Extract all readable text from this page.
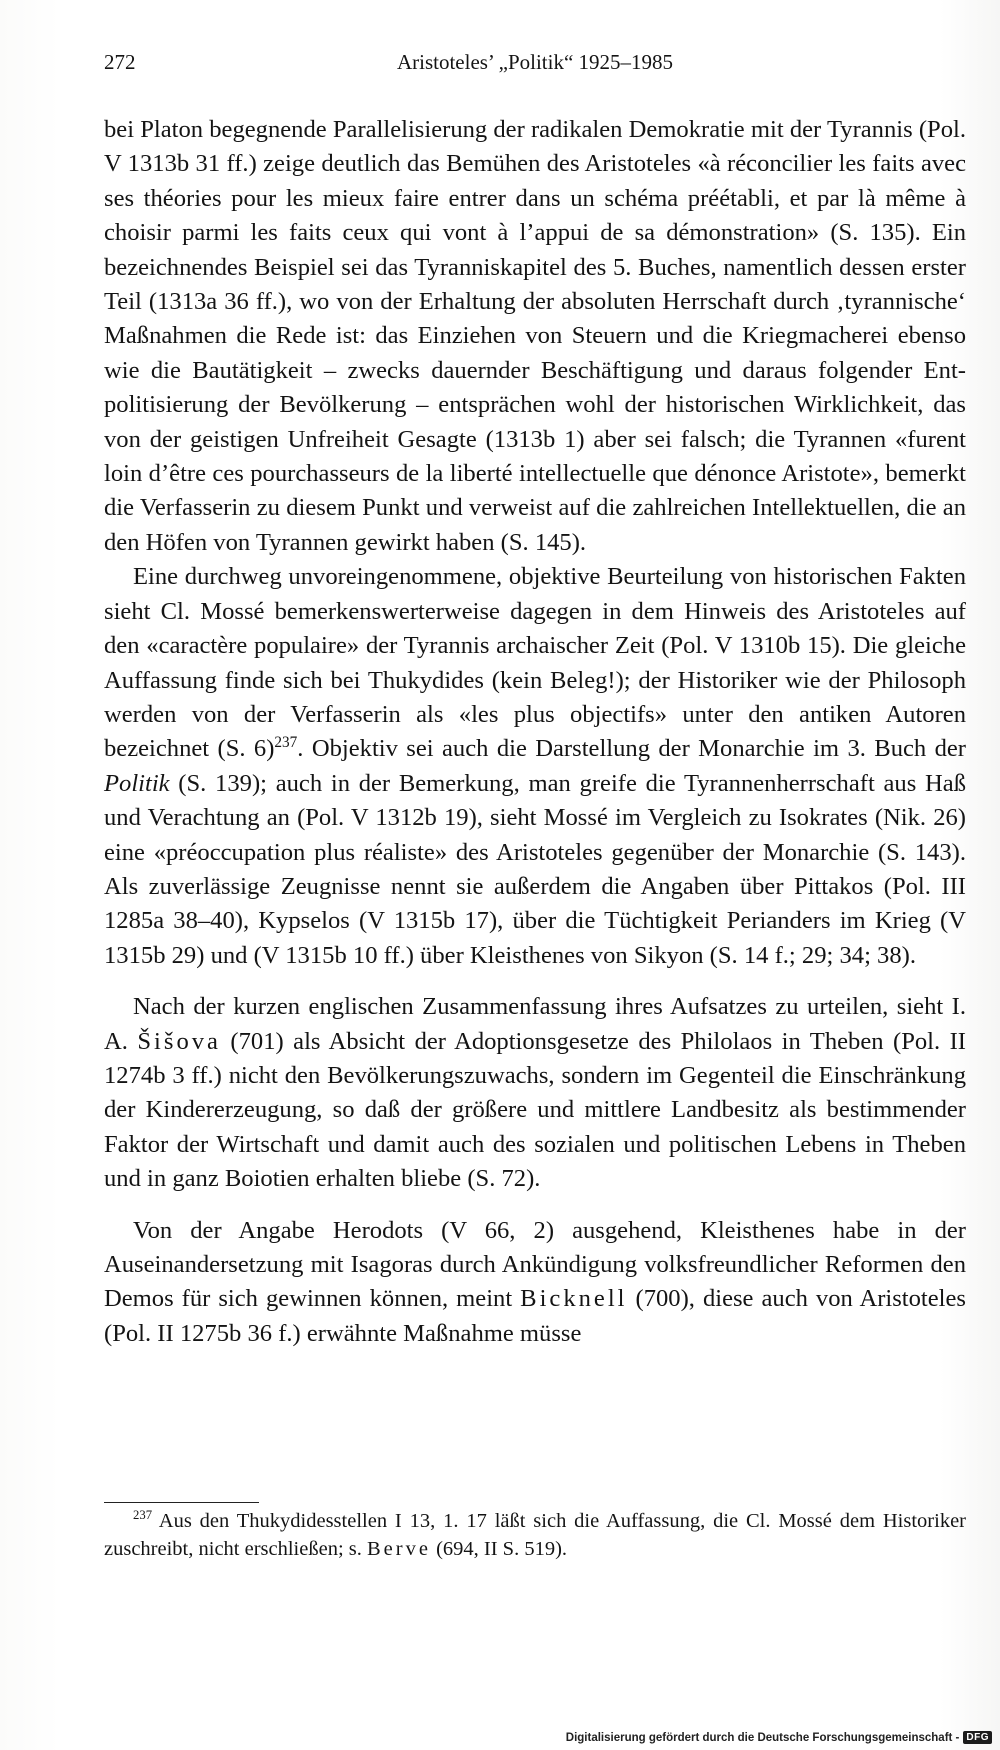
272	Aristoteles’ „Politik“ 1925–1985

bei Platon begegnende Parallelisierung der radikalen Demokratie mit der Tyrannis (Pol. V 1313b 31 ff.) zeige deutlich das Bemühen des Aristoteles «à réconcilier les faits avec ses théories pour les mieux faire entrer dans un schéma préétabli, et par là même à choisir parmi les faits ceux qui vont à l’appui de sa démonstration» (S. 135). Ein bezeichnendes Beispiel sei das Tyranniskapitel des 5. Buches, namentlich dessen erster Teil (1313a 36 ff.), wo von der Erhaltung der absoluten Herrschaft durch ‚tyrannische‘ Maßnahmen die Rede ist: das Einziehen von Steuern und die Kriegmacherei ebenso wie die Bautätigkeit – zwecks dauernder Beschäftigung und daraus folgender Entpolitisierung der Bevölkerung – entsprächen wohl der historischen Wirklichkeit, das von der geistigen Unfreiheit Gesagte (1313b 1) aber sei falsch; die Tyrannen «furent loin d’être ces pourchasseurs de la liberté intellectuelle que dénonce Aristote», bemerkt die Verfasserin zu diesem Punkt und verweist auf die zahlreichen Intellektuellen, die an den Höfen von Tyrannen gewirkt haben (S. 145).

Eine durchweg unvoreingenommene, objektive Beurteilung von historischen Fakten sieht Cl. Mossé bemerkenswerterweise dagegen in dem Hinweis des Aristoteles auf den «caractère populaire» der Tyrannis archaischer Zeit (Pol. V 1310b 15). Die gleiche Auffassung finde sich bei Thukydides (kein Beleg!); der Historiker wie der Philosoph werden von der Verfasserin als «les plus objectifs» unter den antiken Autoren bezeichnet (S. 6)$^{237}$. Objektiv sei auch die Darstellung der Monarchie im 3. Buch der Politik (S. 139); auch in der Bemerkung, man greife die Tyrannenherrschaft aus Haß und Verachtung an (Pol. V 1312b 19), sieht Mossé im Vergleich zu Isokrates (Nik. 26) eine «préoccupation plus réaliste» des Aristoteles gegenüber der Monarchie (S. 143). Als zuverlässige Zeugnisse nennt sie außerdem die Angaben über Pittakos (Pol. III 1285a 38–40), Kypselos (V 1315b 17), über die Tüchtigkeit Perianders im Krieg (V 1315b 29) und (V 1315b 10 ff.) über Kleisthenes von Sikyon (S. 14 f.; 29; 34; 38).

Nach der kurzen englischen Zusammenfassung ihres Aufsatzes zu urteilen, sieht I. A. Šišova (701) als Absicht der Adoptionsgesetze des Philolaos in Theben (Pol. II 1274b 3 ff.) nicht den Bevölkerungszuwachs, sondern im Gegenteil die Einschränkung der Kindererzeugung, so daß der größere und mittlere Landbesitz als bestimmender Faktor der Wirtschaft und damit auch des sozialen und politischen Lebens in Theben und in ganz Boiotien erhalten bliebe (S. 72).

Von der Angabe Herodots (V 66, 2) ausgehend, Kleisthenes habe in der Auseinandersetzung mit Isagoras durch Ankündigung volksfreundlicher Reformen den Demos für sich gewinnen können, meint Bicknell (700), diese auch von Aristoteles (Pol. II 1275b 36 f.) erwähnte Maßnahme müsse

$^{237}$ Aus den Thukydidesstellen I 13, 1. 17 läßt sich die Auffassung, die Cl. Mossé dem Historiker zuschreibt, nicht erschließen; s. Berve (694, II S. 519).

Digitalisierung gefördert durch die Deutsche Forschungsgemeinschaft - DFG
